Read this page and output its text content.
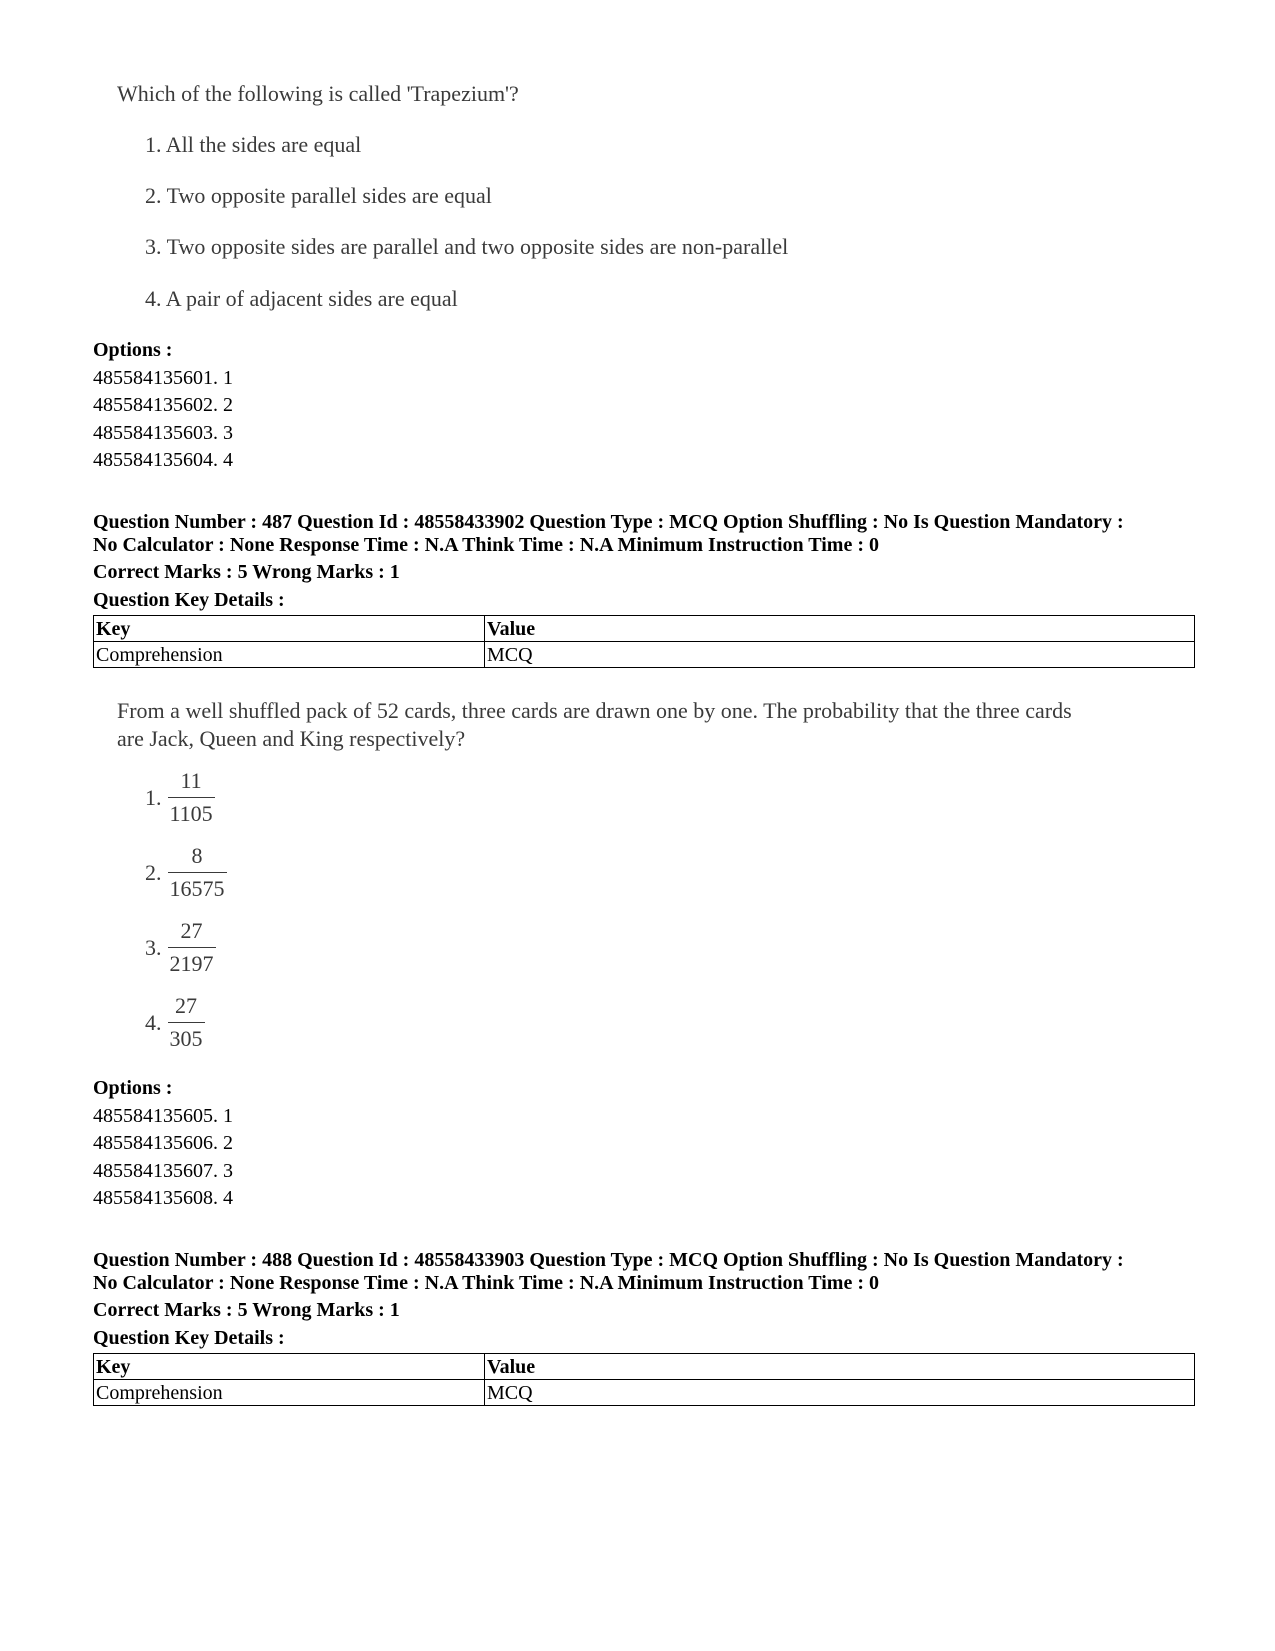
Which of the following is called 'Trapezium'?
1. All the sides are equal
2. Two opposite parallel sides are equal
3. Two opposite sides are parallel and two opposite sides are non-parallel
4. A pair of adjacent sides are equal
Options :
485584135601. 1
485584135602. 2
485584135603. 3
485584135604. 4
Question Number : 487 Question Id : 48558433902 Question Type : MCQ Option Shuffling : No Is Question Mandatory :
No Calculator : None Response Time : N.A Think Time : N.A Minimum Instruction Time : 0
Correct Marks : 5 Wrong Marks : 1
Question Key Details :
Key	Value
Comprehension	MCQ
From a well shuffled pack of 52 cards, three cards are drawn one by one. The probability that the three cards
are Jack, Queen and King respectively?
1. $\frac{11}{1105}$
2. $\frac{8}{16575}$
3. $\frac{27}{2197}$
4. $\frac{27}{305}$
Options :
485584135605. 1
485584135606. 2
485584135607. 3
485584135608. 4
Question Number : 488 Question Id : 48558433903 Question Type : MCQ Option Shuffling : No Is Question Mandatory :
No Calculator : None Response Time : N.A Think Time : N.A Minimum Instruction Time : 0
Correct Marks : 5 Wrong Marks : 1
Question Key Details :
Key	Value
Comprehension	MCQ
